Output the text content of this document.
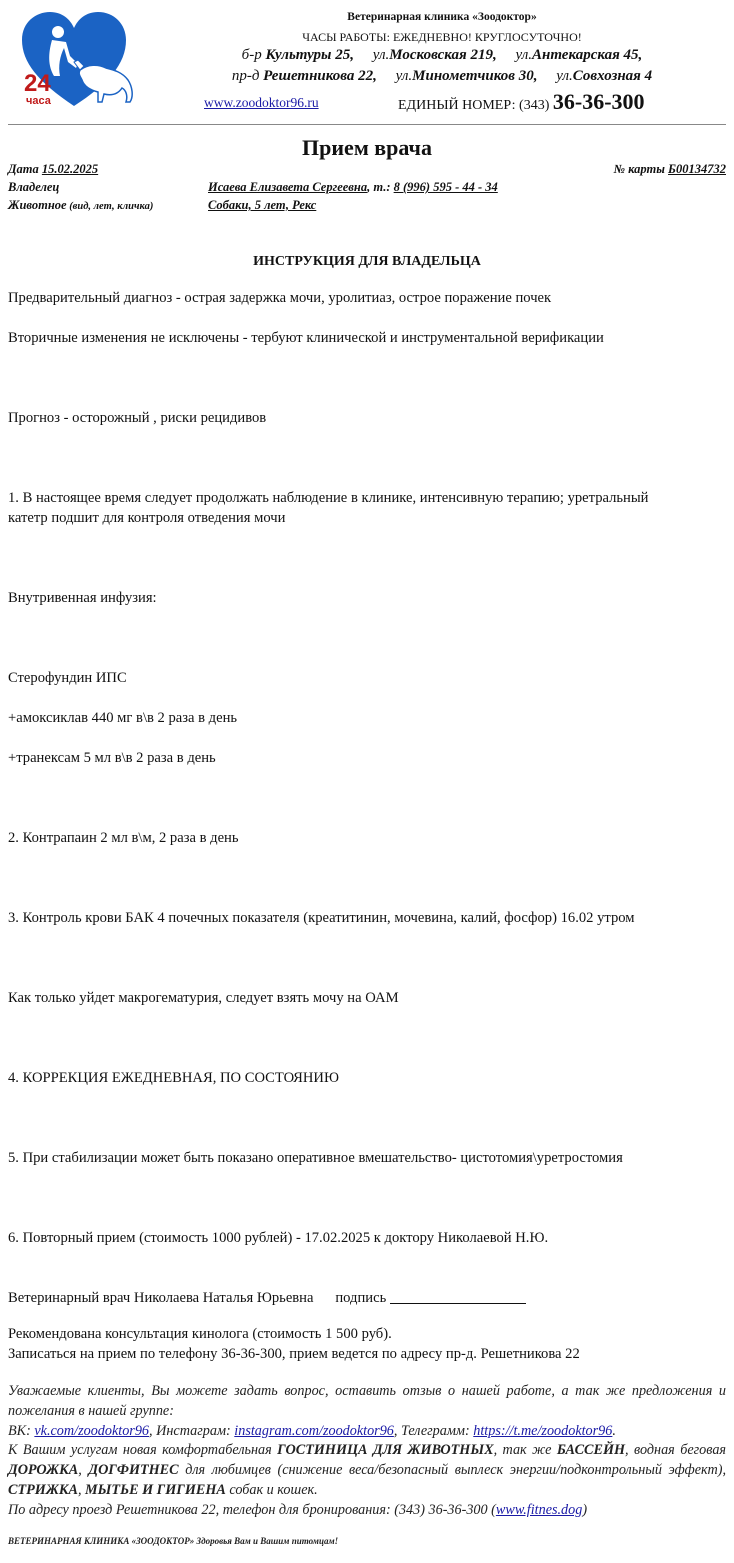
24
часа
Ветеринарная клиника «Зоодоктор»
ЧАСЫ РАБОТЫ: ЕЖЕДНЕВНО! КРУГЛОСУТОЧНО!
б-р Культуры 25, ул.Московская 219, ул.Антекарская 45,
пр-д Решетникова 22, ул.Минометчиков 30, ул.Совхозная 4
www.zoodoktor96.ru	ЕДИНЫЙ НОМЕР: (343) 36-36-300
Прием врача
Дата 15.02.2025	№ карты Б00134732
Владелец	Исаева Елизавета Сергеевна, т.: 8 (996) 595 - 44 - 34
Животное (вид, лет, кличка)	Собаки, 5 лет, Рекс
ИНСТРУКЦИЯ ДЛЯ ВЛАДЕЛЬЦА
Предварительный диагноз - острая задержка мочи, уролитиаз, острое поражение почек
Вторичные изменения не исключены - тербуют клинической и инструментальной верификации
Прогноз - осторожный , риски рецидивов
1. В настоящее время следует продолжать наблюдение в клинике, интенсивную терапию; уретральный
катетр подшит для контроля отведения мочи
Внутривенная инфузия:
Стерофундин ИПС
+амоксиклав 440 мг в\в 2 раза в день
+транексам 5 мл в\в 2 раза в день
2. Контрапаин 2 мл в\м, 2 раза в день
3. Контроль крови БАК 4 почечных показателя (креатитинин, мочевина, калий, фосфор) 16.02 утром
Как только уйдет макрогематурия, следует взять мочу на ОАМ
4. КОРРЕКЦИЯ ЕЖЕДНЕВНАЯ, ПО СОСТОЯНИЮ
5. При стабилизации может быть показано оперативное вмешательство- цистотомия\уретростомия
6. Повторный прием (стоимость 1000 рублей) - 17.02.2025 к доктору Николаевой Н.Ю.
Ветеринарный врач Николаева Наталья Юрьевна подпись
Рекомендована консультация кинолога (стоимость 1 500 руб).
Записаться на прием по телефону 36-36-300, прием ведется по адресу пр-д. Решетникова 22
Уважаемые клиенты, Вы можете задать вопрос, оставить отзыв о нашей работе, а так же предложения и пожелания в нашей группе:
ВК: vk.com/zoodoktor96, Инстаграм: instagram.com/zoodoktor96, Телеграмм: https://t.me/zoodoktor96.
К Вашим услугам новая комфортабельная ГОСТИНИЦА ДЛЯ ЖИВОТНЫХ, так же БАССЕЙН, водная беговая ДОРОЖКА, ДОГФИТНЕС для любимцев (снижение веса/безопасный выплеск энергии/подконтрольный эффект), СТРИЖКА, МЫТЬЕ И ГИГИЕНА собак и кошек.
По адресу проезд Решетникова 22, телефон для бронирования: (343) 36-36-300 (www.fitnes.dog)
ВЕТЕРИНАРНАЯ КЛИНИКА «ЗООДОКТОР» Здоровья Вам и Вашим питомцам!
